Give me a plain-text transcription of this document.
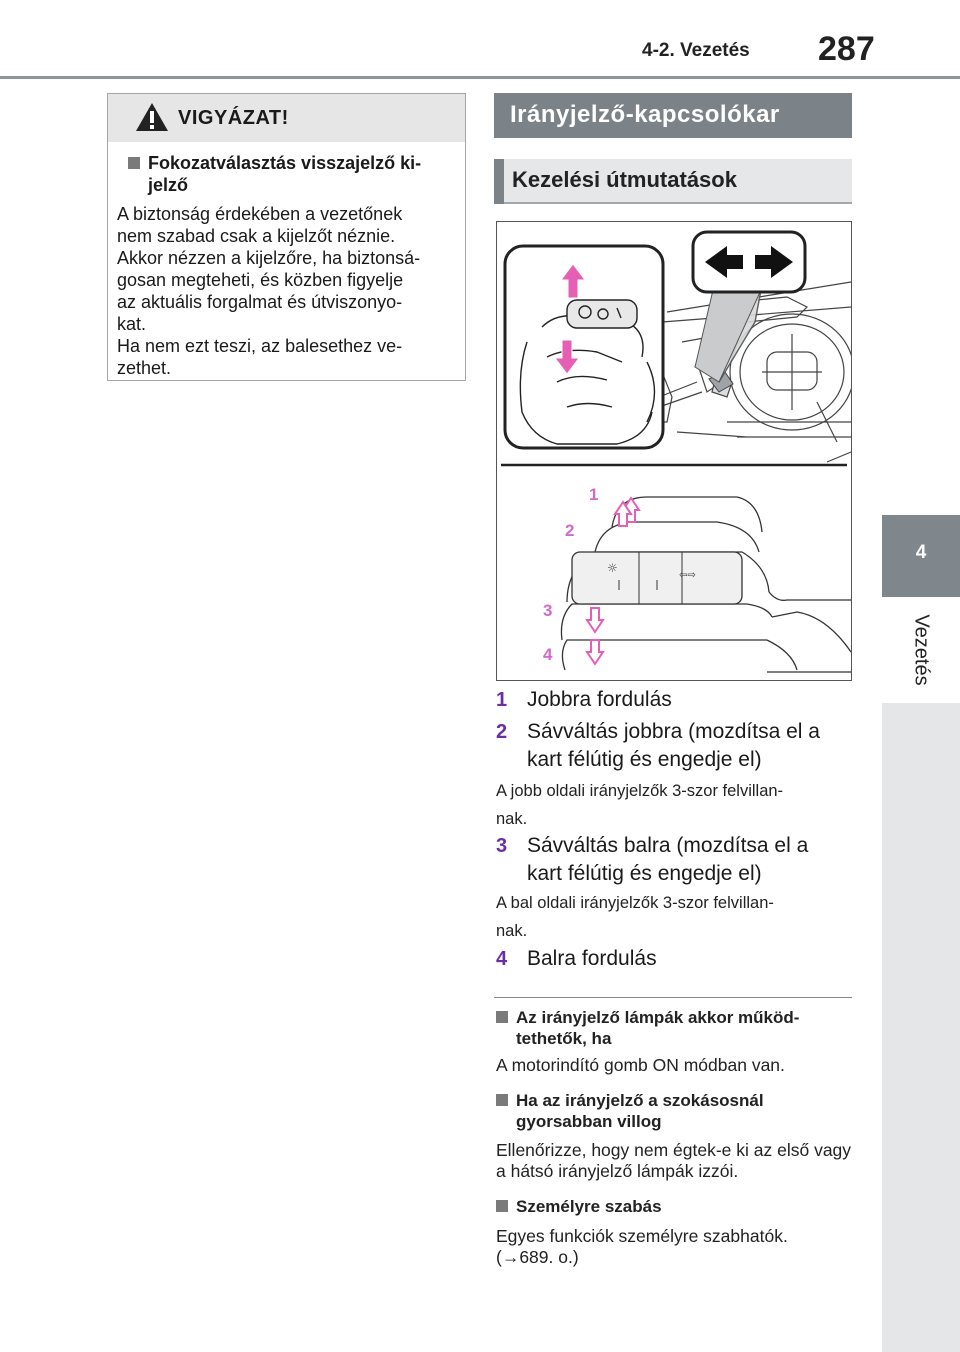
4-2. Vezetés 287
4
Vezetés
VIGYÁZAT!
Fokozatválasztás visszajelző ki-jelző
A biztonság érdekében a vezetőnek
nem szabad csak a kijelzőt néznie.
Akkor nézzen a kijelzőre, ha biztonsá-
gosan megteheti, és közben figyelje
az aktuális forgalmat és útviszonyo-
kat.
Ha nem ezt teszi, az balesethez ve-
zethet.
Irányjelző-kapcsolókar
Kezelési útmutatások
☼
⇦⇨
1
2
3
4
1 Jobbra fordulás
2 Sávváltás jobbra (mozdítsa el a kart félútig és engedje el)
A jobb oldali irányjelzők 3-szor felvillan-
nak.
3 Sávváltás balra (mozdítsa el a kart félútig és engedje el)
A bal oldali irányjelzők 3-szor felvillan-
nak.
4 Balra fordulás
Az irányjelző lámpák akkor működ-tethetők, ha
A motorindító gomb ON módban van.
Ha az irányjelző a szokásosnál gyorsabban villog
Ellenőrizze, hogy nem égtek-e ki az első vagy a hátsó irányjelző lámpák izzói.
Személyre szabás
Egyes funkciók személyre szabhatók. (→689. o.)
